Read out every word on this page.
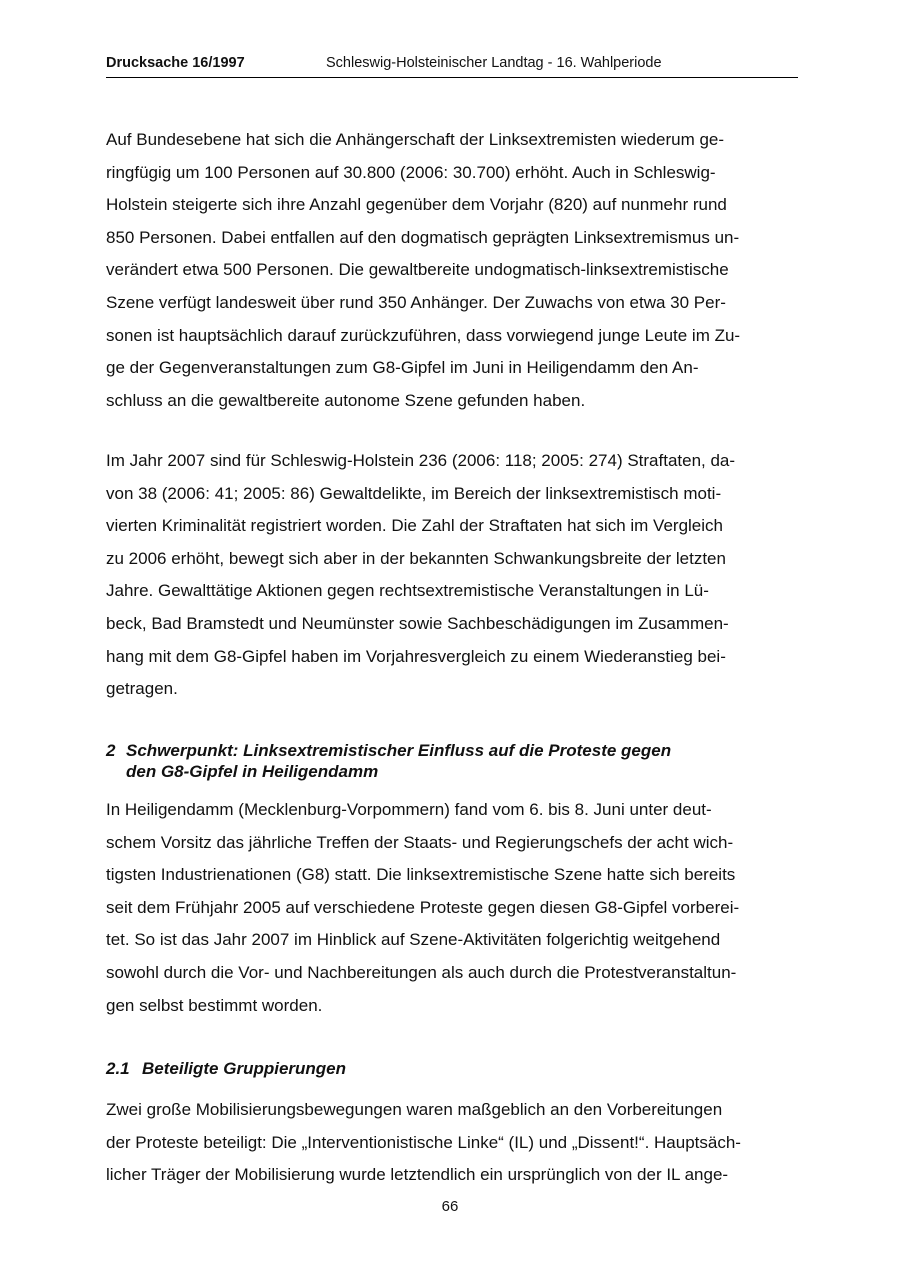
Drucksache 16/1997	Schleswig-Holsteinischer Landtag - 16. Wahlperiode
Auf Bundesebene hat sich die Anhängerschaft der Linksextremisten wiederum ge-
ringfügig um 100 Personen auf 30.800 (2006: 30.700) erhöht. Auch in Schleswig-
Holstein steigerte sich ihre Anzahl gegenüber dem Vorjahr (820) auf nunmehr rund
850 Personen. Dabei entfallen auf den dogmatisch geprägten Linksextremismus un-
verändert etwa 500 Personen. Die gewaltbereite undogmatisch-linksextremistische
Szene verfügt landesweit über rund 350 Anhänger. Der Zuwachs von etwa 30 Per-
sonen ist hauptsächlich darauf zurückzuführen, dass vorwiegend junge Leute im Zu-
ge der Gegenveranstaltungen zum G8-Gipfel im Juni in Heiligendamm den An-
schluss an die gewaltbereite autonome Szene gefunden haben.
Im Jahr 2007 sind für Schleswig-Holstein 236 (2006: 118; 2005: 274) Straftaten, da-
von 38 (2006: 41; 2005: 86) Gewaltdelikte, im Bereich der linksextremistisch moti-
vierten Kriminalität registriert worden. Die Zahl der Straftaten hat sich im Vergleich
zu 2006 erhöht, bewegt sich aber in der bekannten Schwankungsbreite der letzten
Jahre. Gewalttätige Aktionen gegen rechtsextremistische Veranstaltungen in Lü-
beck, Bad Bramstedt und Neumünster sowie Sachbeschädigungen im Zusammen-
hang mit dem G8-Gipfel haben im Vorjahresvergleich zu einem Wiederanstieg bei-
getragen.
2 Schwerpunkt: Linksextremistischer Einfluss auf die Proteste gegen
den G8-Gipfel in Heiligendamm
In Heiligendamm (Mecklenburg-Vorpommern) fand vom 6. bis 8. Juni unter deut-
schem Vorsitz das jährliche Treffen der Staats- und Regierungschefs der acht wich-
tigsten Industrienationen (G8) statt. Die linksextremistische Szene hatte sich bereits
seit dem Frühjahr 2005 auf verschiedene Proteste gegen diesen G8-Gipfel vorberei-
tet. So ist das Jahr 2007 im Hinblick auf Szene-Aktivitäten folgerichtig weitgehend
sowohl durch die Vor- und Nachbereitungen als auch durch die Protestveranstaltun-
gen selbst bestimmt worden.
2.1 Beteiligte Gruppierungen
Zwei große Mobilisierungsbewegungen waren maßgeblich an den Vorbereitungen
der Proteste beteiligt: Die „Interventionistische Linke“ (IL) und „Dissent!“. Hauptsäch-
licher Träger der Mobilisierung wurde letztendlich ein ursprünglich von der IL ange-
66
